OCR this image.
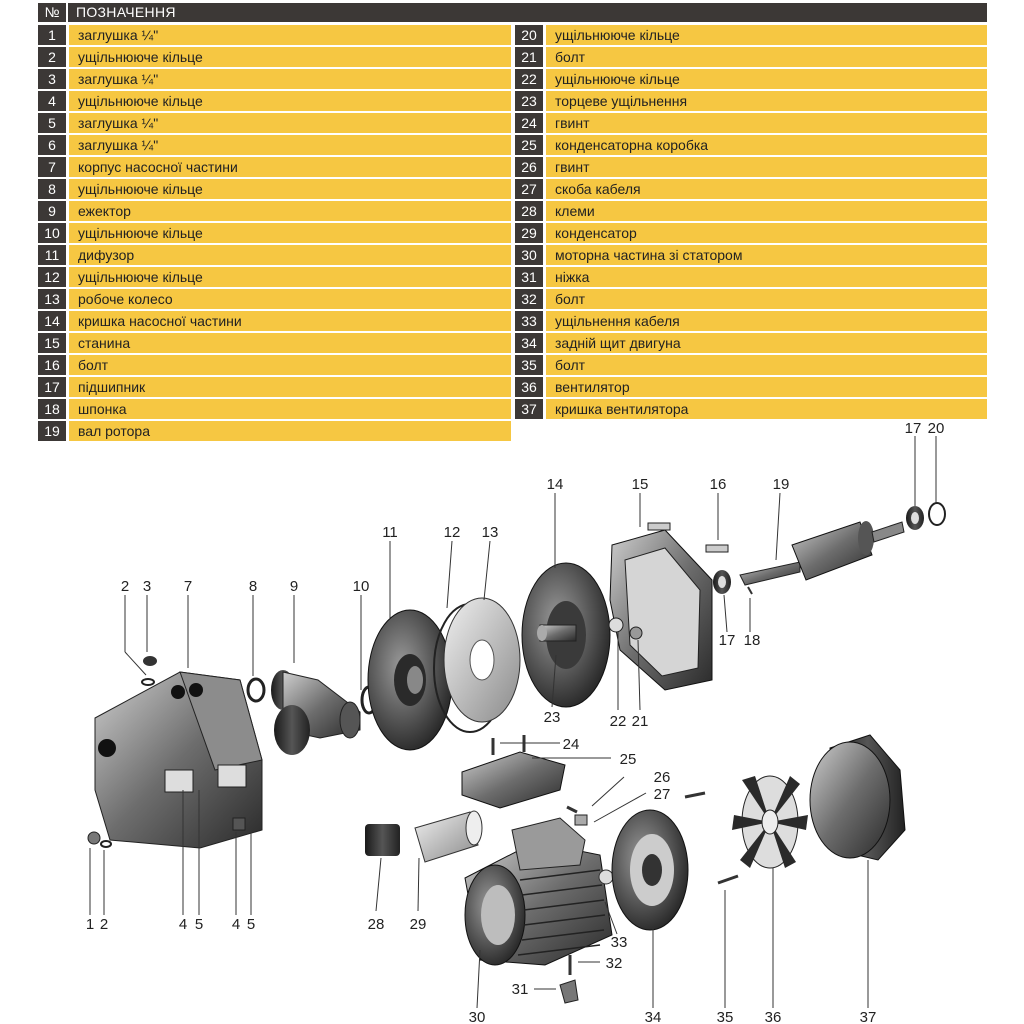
№	ПОЗНАЧЕННЯ
1	заглушка ¼"
2	ущільнююче кільце
3	заглушка ¼"
4	ущільнююче кільце
5	заглушка ¼"
6	заглушка ¼"
7	корпус насосної частини
8	ущільнююче кільце
9	ежектор
10	ущільнююче кільце
11	дифузор
12	ущільнююче кільце
13	робоче колесо
14	кришка насосної частини
15	станина
16	болт
17	підшипник
18	шпонка
19	вал ротора
20	ущільнююче кільце
21	болт
22	ущільнююче кільце
23	торцеве ущільнення
24	гвинт
25	конденсаторна коробка
26	гвинт
27	скоба кабеля
28	клеми
29	конденсатор
30	моторна частина зі статором
31	ніжка
32	болт
33	ущільнення кабеля
34	задній щит двигуна
35	болт
36	вентилятор
37	кришка вентилятора
17 20
14	15	16	19
11	12 13
2 3 7	8 9	10
17 18
23	22 21
24
25
26
27
1 2	4 5 4 5	28 29
33
32
31
30	34	35 36	37
